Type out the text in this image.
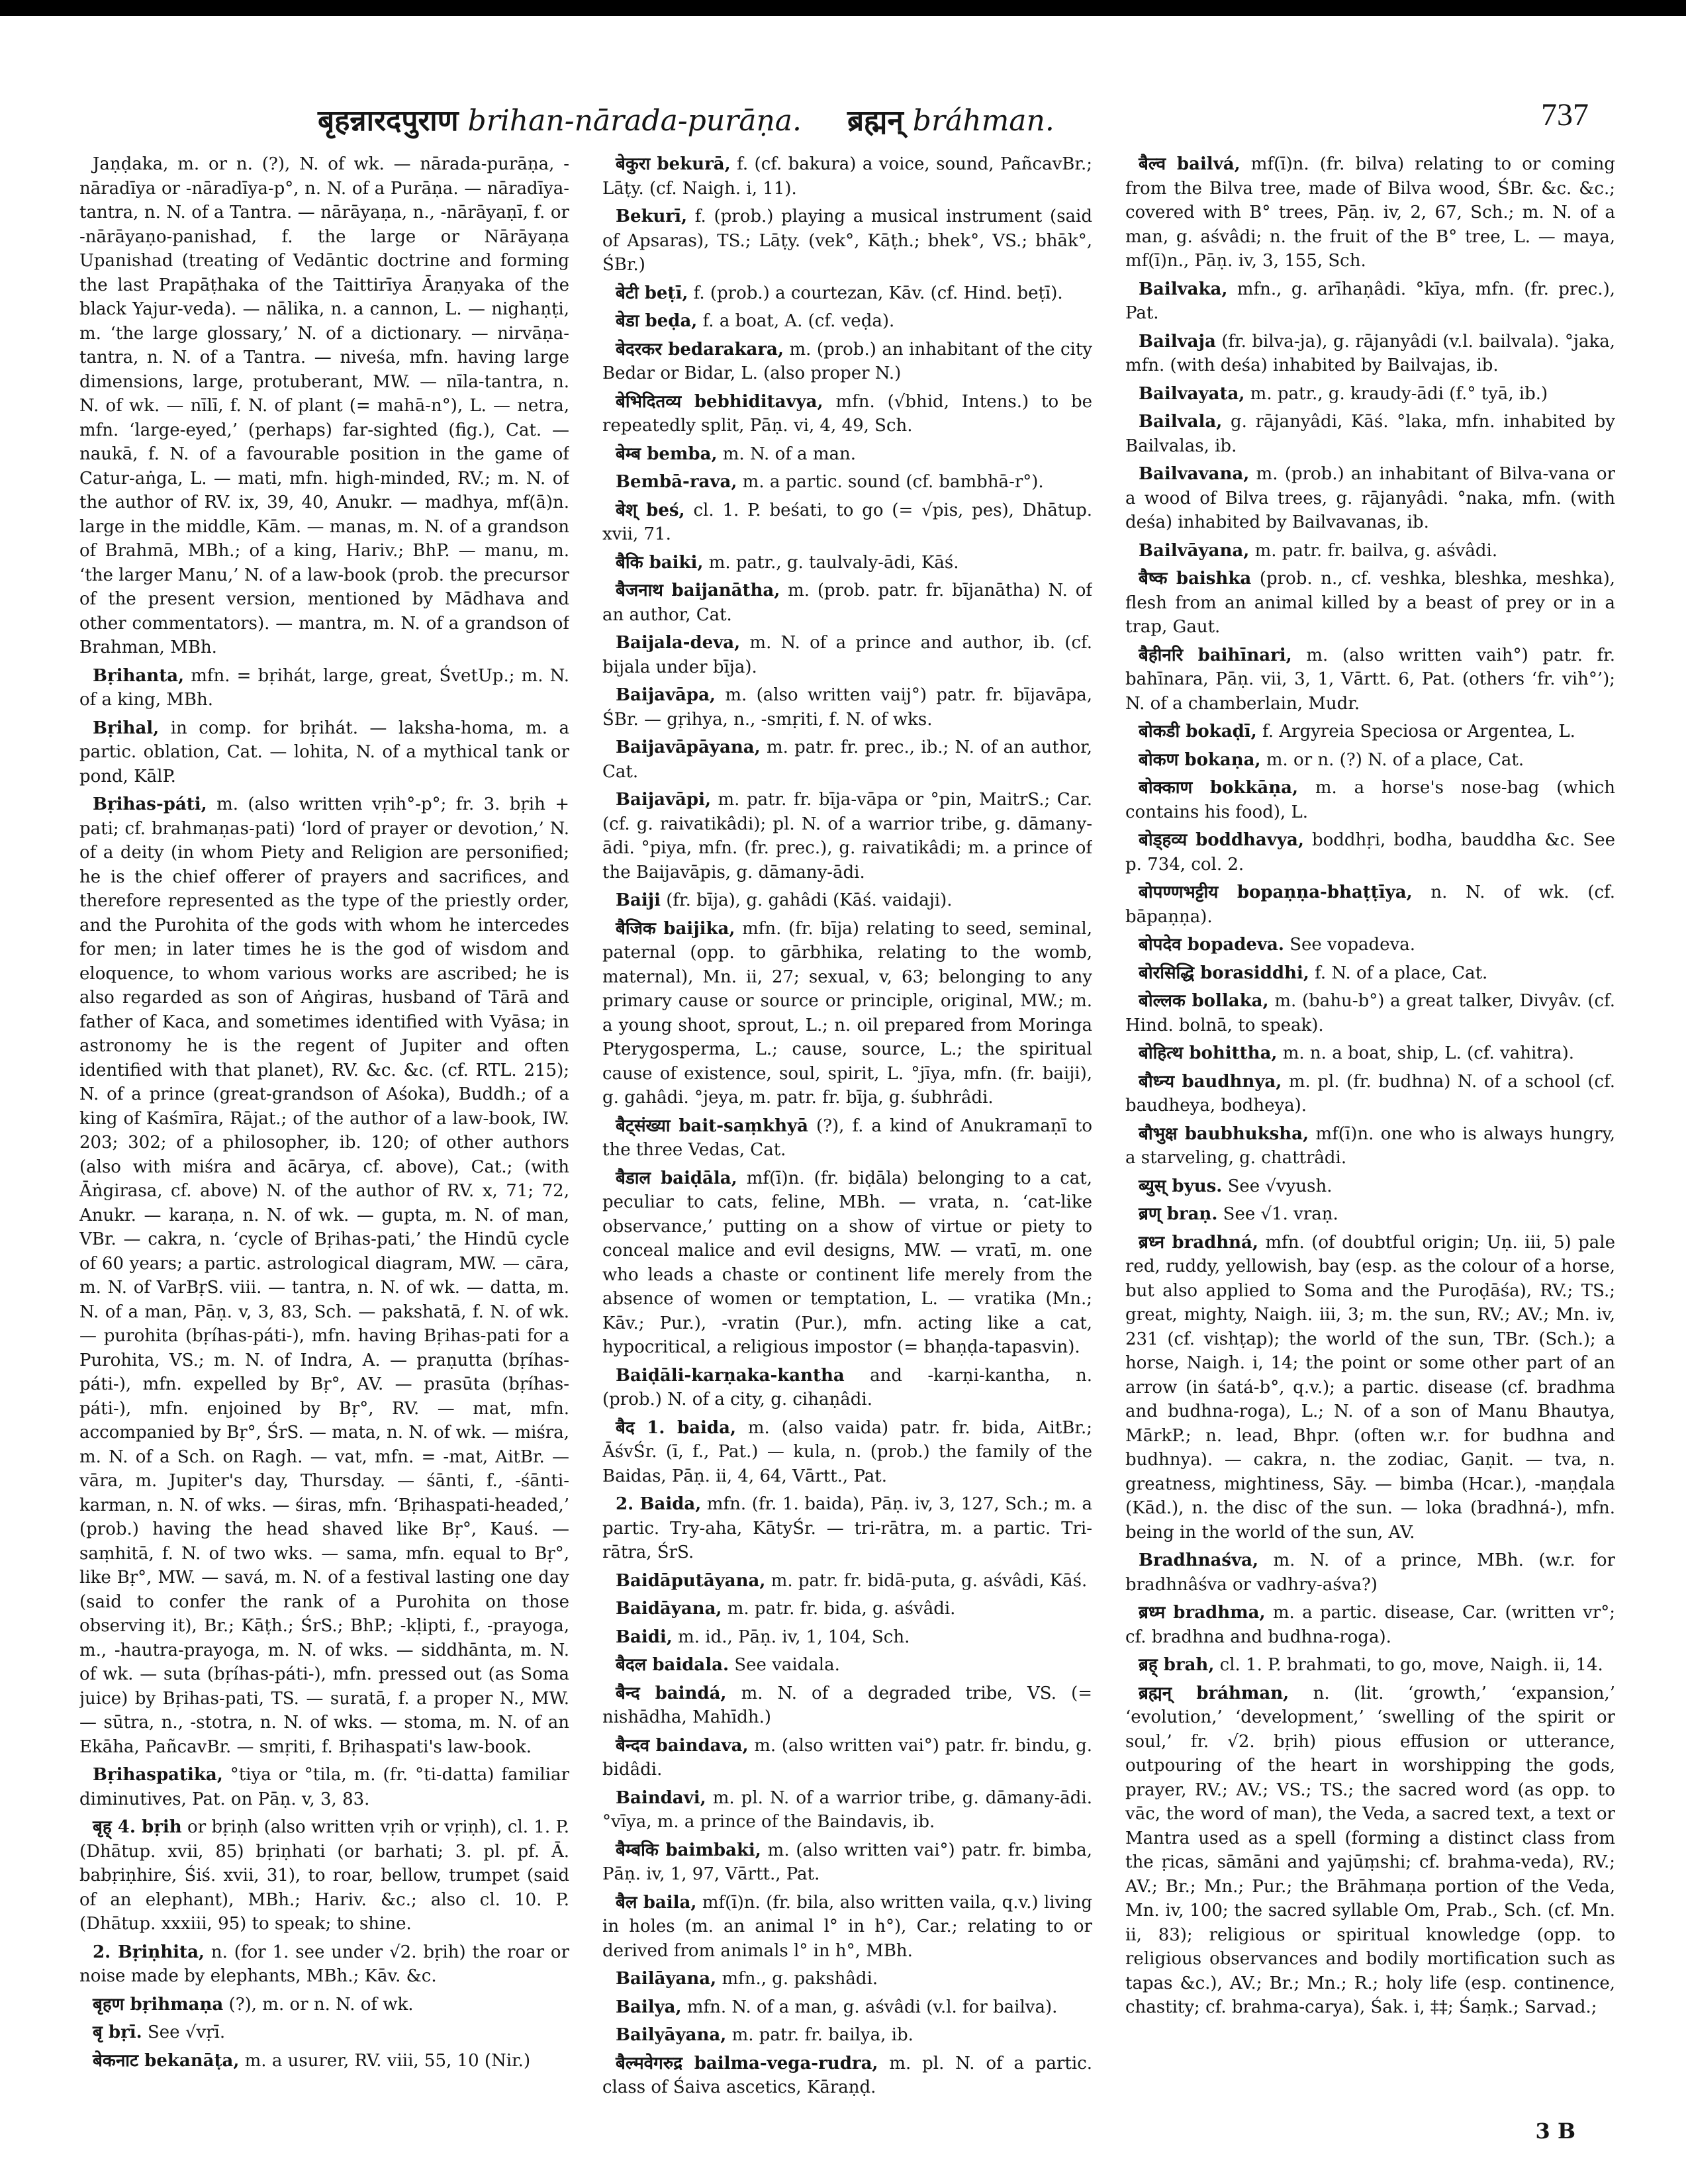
बृहन्नारदपुराण brihan-nārada-purāṇa. ब्रह्मन् bráhman.	737

Jaṇḍaka, m. or n. (?), N. of wk. — nārada-purāṇa, -nāradīya or -nāradīya-p°, n. N. of a Purāṇa. — nāradīya-tantra, n. N. of a Tantra. — nārāyaṇa, n., -nārāyaṇī, f. or -nārāyaṇo-panishad, f. the large or Nārāyaṇa Upanishad (treating of Vedāntic doctrine and forming the last Prapāṭhaka of the Taittirīya Āraṇyaka of the black Yajur-veda). — nālika, n. a cannon, L. — nighaṇṭi, m. ‘the large glossary,’ N. of a dictionary. — nirvāṇa-tantra, n. N. of a Tantra. — niveśa, mfn. having large dimensions, large, protuberant, MW. — nīla-tantra, n. N. of wk. — nīlī, f. N. of plant (= mahā-n°), L. — netra, mfn. ‘large-eyed,’ (perhaps) far-sighted (fig.), Cat. — naukā, f. N. of a favourable position in the game of Catur-aṅga, L. — mati, mfn. high-minded, RV.; m. N. of the author of RV. ix, 39, 40, Anukr. — madhya, mf(ā)n. large in the middle, Kām. — manas, m. N. of a grandson of Brahmā, MBh.; of a king, Hariv.; BhP. — manu, m. ‘the larger Manu,’ N. of a law-book (prob. the precursor of the present version, mentioned by Mādhava and other commentators). — mantra, m. N. of a grandson of Brahman, MBh.

Bṛihanta, mfn. = bṛihát, large, great, ŚvetUp.; m. N. of a king, MBh.

Bṛihal, in comp. for bṛihát. — laksha-homa, m. a partic. oblation, Cat. — lohita, N. of a mythical tank or pond, KālP.

Bṛihas-páti, m. (also written vṛih°-p°; fr. 3. bṛih + pati; cf. brahmaṇas-pati) ‘lord of prayer or devotion,’ N. of a deity (in whom Piety and Religion are personified; he is the chief offerer of prayers and sacrifices, and therefore represented as the type of the priestly order, and the Purohita of the gods with whom he intercedes for men; in later times he is the god of wisdom and eloquence, to whom various works are ascribed; he is also regarded as son of Aṅgiras, husband of Tārā and father of Kaca, and sometimes identified with Vyāsa; in astronomy he is the regent of Jupiter and often identified with that planet), RV. &c. &c. (cf. RTL. 215); N. of a prince (great-grandson of Aśoka), Buddh.; of a king of Kaśmīra, Rājat.; of the author of a law-book, IW. 203; 302; of a philosopher, ib. 120; of other authors (also with miśra and ācārya, cf. above), Cat.; (with Āṅgirasa, cf. above) N. of the author of RV. x, 71; 72, Anukr. — karaṇa, n. N. of wk. — gupta, m. N. of man, VBr. — cakra, n. ‘cycle of Bṛihas-pati,’ the Hindū cycle of 60 years; a partic. astrological diagram, MW. — cāra, m. N. of VarBṛS. viii. — tantra, n. N. of wk. — datta, m. N. of a man, Pāṇ. v, 3, 83, Sch. — pakshatā, f. N. of wk. — purohita (bṛíhas-páti-), mfn. having Bṛihas-pati for a Purohita, VS.; m. N. of Indra, A. — praṇutta (bṛíhas-páti-), mfn. expelled by Bṛ°, AV. — prasūta (bṛíhas-páti-), mfn. enjoined by Bṛ°, RV. — mat, mfn. accompanied by Bṛ°, ŚrS. — mata, n. N. of wk. — miśra, m. N. of a Sch. on Ragh. — vat, mfn. = -mat, AitBr. — vāra, m. Jupiter's day, Thursday. — śānti, f., -śānti-karman, n. N. of wks. — śiras, mfn. ‘Bṛihaspati-headed,’ (prob.) having the head shaved like Bṛ°, Kauś. — saṃhitā, f. N. of two wks. — sama, mfn. equal to Bṛ°, like Bṛ°, MW. — savá, m. N. of a festival lasting one day (said to confer the rank of a Purohita on those observing it), Br.; Kāṭh.; ŚrS.; BhP.; -kḷipti, f., -prayoga, m., -hautra-prayoga, m. N. of wks. — siddhānta, m. N. of wk. — suta (bṛíhas-páti-), mfn. pressed out (as Soma juice) by Bṛihas-pati, TS. — suratā, f. a proper N., MW. — sūtra, n., -stotra, n. N. of wks. — stoma, m. N. of an Ekāha, PañcavBr. — smṛiti, f. Bṛihaspati's law-book.

Bṛihaspatika, °tiya or °tila, m. (fr. °ti-datta) familiar diminutives, Pat. on Pāṇ. v, 3, 83.

बृह् 4. bṛih or bṛiṇh (also written vṛih or vṛiṇh), cl. 1. P. (Dhātup. xvii, 85) bṛiṇhati (or barhati; 3. pl. pf. Ā. babṛiṇhire, Śiś. xvii, 31), to roar, bellow, trumpet (said of an elephant), MBh.; Hariv. &c.; also cl. 10. P. (Dhātup. xxxiii, 95) to speak; to shine.

2. Bṛiṇhita, n. (for 1. see under √2. bṛih) the roar or noise made by elephants, MBh.; Kāv. &c.

बृहण bṛihmaṇa (?), m. or n. N. of wk.

बृ bṛī. See √vṛī.

बेकनाट bekanāṭa, m. a usurer, RV. viii, 55, 10 (Nir.)

बेकुरा bekurā, f. (cf. bakura) a voice, sound, PañcavBr.; Lāṭy. (cf. Naigh. i, 11).

Bekurī, f. (prob.) playing a musical instrument (said of Apsaras), TS.; Lāṭy. (vek°, Kāṭh.; bhek°, VS.; bhāk°, ŚBr.)

बेटी beṭī, f. (prob.) a courtezan, Kāv. (cf. Hind. beṭī).

बेडा beḍa, f. a boat, A. (cf. veḍa).

बेदरकर bedarakara, m. (prob.) an inhabitant of the city Bedar or Bidar, L. (also proper N.)

बेभिदितव्य bebhiditavya, mfn. (√bhid, Intens.) to be repeatedly split, Pāṇ. vi, 4, 49, Sch.

बेम्ब bemba, m. N. of a man.

Bembā-rava, m. a partic. sound (cf. bambhā-r°).

बेश् beś, cl. 1. P. beśati, to go (= √pis, pes), Dhātup. xvii, 71.

बैकि baiki, m. patr., g. taulvaly-ādi, Kāś.

बैजनाथ baijanātha, m. (prob. patr. fr. bījanātha) N. of an author, Cat.

Baijala-deva, m. N. of a prince and author, ib. (cf. bijala under bīja).

Baijavāpa, m. (also written vaij°) patr. fr. bījavāpa, ŚBr. — gṛihya, n., -smṛiti, f. N. of wks.

Baijavāpāyana, m. patr. fr. prec., ib.; N. of an author, Cat.

Baijavāpi, m. patr. fr. bīja-vāpa or °pin, MaitrS.; Car. (cf. g. raivatikâdi); pl. N. of a warrior tribe, g. dāmany-ādi. °piya, mfn. (fr. prec.), g. raivatikâdi; m. a prince of the Baijavāpis, g. dāmany-ādi.

Baiji (fr. bīja), g. gahâdi (Kāś. vaidaji).

बैजिक baijika, mfn. (fr. bīja) relating to seed, seminal, paternal (opp. to gārbhika, relating to the womb, maternal), Mn. ii, 27; sexual, v, 63; belonging to any primary cause or source or principle, original, MW.; m. a young shoot, sprout, L.; n. oil prepared from Moringa Pterygosperma, L.; cause, source, L.; the spiritual cause of existence, soul, spirit, L. °jīya, mfn. (fr. baiji), g. gahâdi. °jeya, m. patr. fr. bīja, g. śubhrâdi.

बैट्संख्या bait-saṃkhyā (?), f. a kind of Anukramaṇī to the three Vedas, Cat.

बैडाल baiḍāla, mf(ī)n. (fr. biḍāla) belonging to a cat, peculiar to cats, feline, MBh. — vrata, n. ‘cat-like observance,’ putting on a show of virtue or piety to conceal malice and evil designs, MW. — vratī, m. one who leads a chaste or continent life merely from the absence of women or temptation, L. — vratika (Mn.; Kāv.; Pur.), -vratin (Pur.), mfn. acting like a cat, hypocritical, a religious impostor (= bhaṇḍa-tapasvin).

Baiḍāli-karṇaka-kantha and -karṇi-kantha, n. (prob.) N. of a city, g. cihaṇâdi.

बैद 1. baida, m. (also vaida) patr. fr. bida, AitBr.; ĀśvŚr. (ī, f., Pat.) — kula, n. (prob.) the family of the Baidas, Pāṇ. ii, 4, 64, Vārtt., Pat.

2. Baida, mfn. (fr. 1. baida), Pāṇ. iv, 3, 127, Sch.; m. a partic. Try-aha, KātyŚr. — tri-rātra, m. a partic. Tri-rātra, ŚrS.

Baidāputāyana, m. patr. fr. bidā-puta, g. aśvâdi, Kāś.

Baidāyana, m. patr. fr. bida, g. aśvâdi.

Baidi, m. id., Pāṇ. iv, 1, 104, Sch.

बैदल baidala. See vaidala.

बैन्द baindá, m. N. of a degraded tribe, VS. (= nishādha, Mahīdh.)

बैन्दव baindava, m. (also written vai°) patr. fr. bindu, g. bidâdi.

Baindavi, m. pl. N. of a warrior tribe, g. dāmany-ādi. °vīya, m. a prince of the Baindavis, ib.

बैम्बकि baimbaki, m. (also written vai°) patr. fr. bimba, Pāṇ. iv, 1, 97, Vārtt., Pat.

बैल baila, mf(ī)n. (fr. bila, also written vaila, q.v.) living in holes (m. an animal l° in h°), Car.; relating to or derived from animals l° in h°, MBh.

Bailāyana, mfn., g. pakshâdi.

Bailya, mfn. N. of a man, g. aśvâdi (v.l. for bailva).

Bailyāyana, m. patr. fr. bailya, ib.

बैल्मवेगरुद्र bailma-vega-rudra, m. pl. N. of a partic. class of Śaiva ascetics, Kāraṇḍ.

बैल्व bailvá, mf(ī)n. (fr. bilva) relating to or coming from the Bilva tree, made of Bilva wood, ŚBr. &c. &c.; covered with B° trees, Pāṇ. iv, 2, 67, Sch.; m. N. of a man, g. aśvâdi; n. the fruit of the B° tree, L. — maya, mf(ī)n., Pāṇ. iv, 3, 155, Sch.

Bailvaka, mfn., g. arīhaṇâdi. °kīya, mfn. (fr. prec.), Pat.

Bailvaja (fr. bilva-ja), g. rājanyâdi (v.l. bailvala). °jaka, mfn. (with deśa) inhabited by Bailvajas, ib.

Bailvayata, m. patr., g. kraudy-ādi (f.° tyā, ib.)

Bailvala, g. rājanyâdi, Kāś. °laka, mfn. inhabited by Bailvalas, ib.

Bailvavana, m. (prob.) an inhabitant of Bilva-vana or a wood of Bilva trees, g. rājanyâdi. °naka, mfn. (with deśa) inhabited by Bailvavanas, ib.

Bailvāyana, m. patr. fr. bailva, g. aśvâdi.

बैष्क baishka (prob. n., cf. veshka, bleshka, meshka), flesh from an animal killed by a beast of prey or in a trap, Gaut.

बैहीनरि baihīnari, m. (also written vaih°) patr. fr. bahīnara, Pāṇ. vii, 3, 1, Vārtt. 6, Pat. (others ‘fr. vih°’); N. of a chamberlain, Mudr.

बोकडी bokaḍī, f. Argyreia Speciosa or Argentea, L.

बोकण bokaṇa, m. or n. (?) N. of a place, Cat.

बोक्काण bokkāṇa, m. a horse's nose-bag (which contains his food), L.

बोड्हव्य boddhavya, boddhṛi, bodha, bauddha &c. See p. 734, col. 2.

बोपण्णभट्टीय bopaṇṇa-bhaṭṭīya, n. N. of wk. (cf. bāpaṇṇa).

बोपदेव bopadeva. See vopadeva.

बोरसिद्धि borasiddhi, f. N. of a place, Cat.

बोल्लक bollaka, m. (bahu-b°) a great talker, Divyâv. (cf. Hind. bolnā, to speak).

बोहित्थ bohittha, m. n. a boat, ship, L. (cf. vahitra).

बौध्न्य baudhnya, m. pl. (fr. budhna) N. of a school (cf. baudheya, bodheya).

बौभुक्ष baubhuksha, mf(ī)n. one who is always hungry, a starveling, g. chattrâdi.

ब्युस् byus. See √vyush.

ब्रण् braṇ. See √1. vraṇ.

ब्रध्न bradhná, mfn. (of doubtful origin; Uṇ. iii, 5) pale red, ruddy, yellowish, bay (esp. as the colour of a horse, but also applied to Soma and the Puroḍāśa), RV.; TS.; great, mighty, Naigh. iii, 3; m. the sun, RV.; AV.; Mn. iv, 231 (cf. vishṭap); the world of the sun, TBr. (Sch.); a horse, Naigh. i, 14; the point or some other part of an arrow (in śatá-b°, q.v.); a partic. disease (cf. bradhma and budhna-roga), L.; N. of a son of Manu Bhautya, MārkP.; n. lead, Bhpr. (often w.r. for budhna and budhnya). — cakra, n. the zodiac, Gaṇit. — tva, n. greatness, mightiness, Sāy. — bimba (Hcar.), -maṇḍala (Kād.), n. the disc of the sun. — loka (bradhná-), mfn. being in the world of the sun, AV.

Bradhnaśva, m. N. of a prince, MBh. (w.r. for bradhnâśva or vadhry-aśva?)

ब्रध्म bradhma, m. a partic. disease, Car. (written vr°; cf. bradhna and budhna-roga).

ब्रह् brah, cl. 1. P. brahmati, to go, move, Naigh. ii, 14.

ब्रह्मन् bráhman, n. (lit. ‘growth,’ ‘expansion,’ ‘evolution,’ ‘development,’ ‘swelling of the spirit or soul,’ fr. √2. bṛih) pious effusion or utterance, outpouring of the heart in worshipping the gods, prayer, RV.; AV.; VS.; TS.; the sacred word (as opp. to vāc, the word of man), the Veda, a sacred text, a text or Mantra used as a spell (forming a distinct class from the ṛicas, sāmāni and yajūṃshi; cf. brahma-veda), RV.; AV.; Br.; Mn.; Pur.; the Brāhmaṇa portion of the Veda, Mn. iv, 100; the sacred syllable Om, Prab., Sch. (cf. Mn. ii, 83); religious or spiritual knowledge (opp. to religious observances and bodily mortification such as tapas &c.), AV.; Br.; Mn.; R.; holy life (esp. continence, chastity; cf. brahma-carya), Śak. i, ‡‡; Śaṃk.; Sarvad.;

3 B
